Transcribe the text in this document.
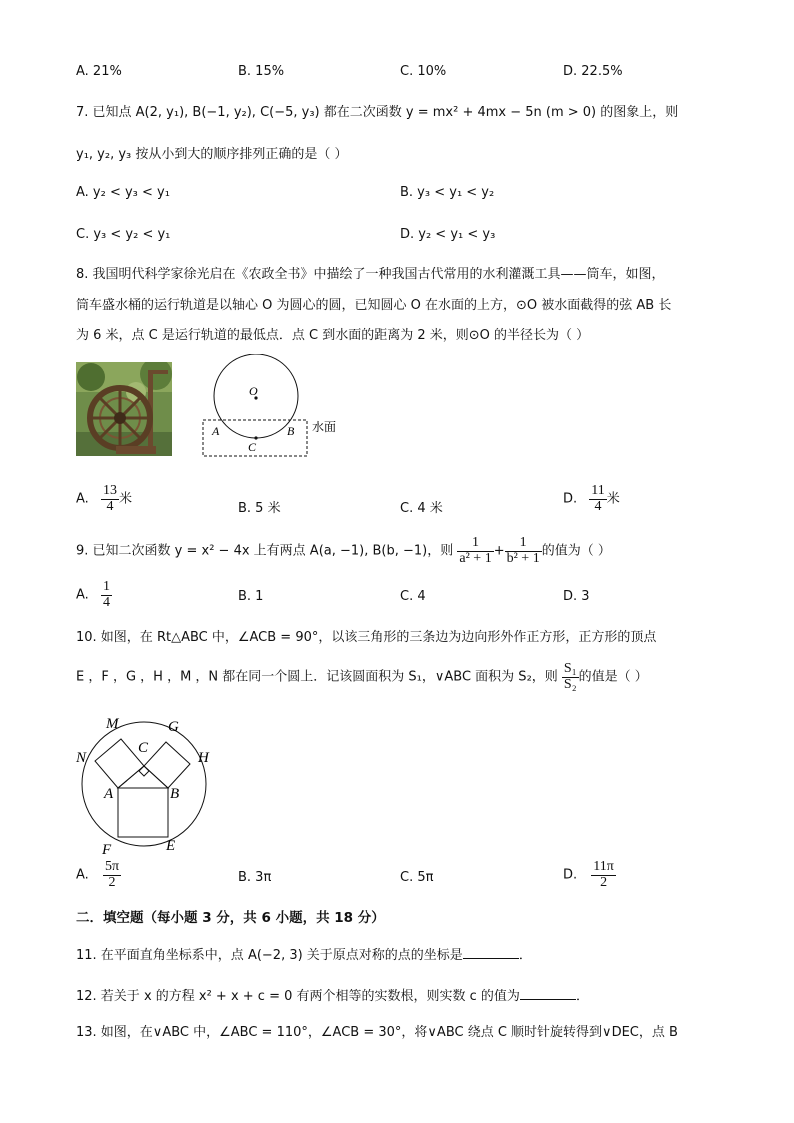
A. 21%	B. 15%	C. 10%	D. 22.5%
7. 已知点 A(2, y₁), B(−1, y₂), C(−5, y₃) 都在二次函数 y = mx² + 4mx − 5n (m > 0) 的图象上，则
y₁, y₂, y₃ 按从小到大的顺序排列正确的是（ ）
A. y₂ < y₃ < y₁	B. y₃ < y₁ < y₂
C. y₃ < y₂ < y₁	D. y₂ < y₁ < y₃
8. 我国明代科学家徐光启在《农政全书》中描绘了一种我国古代常用的水利灌溉工具——筒车，如图，
筒车盛水桶的运行轨道是以轴心 O 为圆心的圆，已知圆心 O 在水面的上方，⊙O 被水面截得的弦 AB 长
为 6 米，点 C 是运行轨道的最低点．点 C 到水面的距离为 2 米，则⊙O 的半径长为（ ）
O
A	B
C
水面
A. $\frac{13}{4}$ 米
B. 5 米	C. 4 米
D. $\frac{11}{4}$ 米
9. 已知二次函数 y = x² − 4x 上有两点 A(a, −1), B(b, −1)，则 $\frac{1}{\text{a² + 1}} + \frac{1}{\text{b² + 1}}$ 的值为（ ）
A. $\frac{1}{4}$	B. 1	C. 4	D. 3
10. 如图，在 Rt△ABC 中，∠ACB = 90°，以该三角形的三条边为边向形外作正方形，正方形的顶点
E ，F ，G ，H ，M ，N 都在同一个圆上．记该圆面积为 S₁，∨ABC 面积为 S₂，则 $\frac{\text{S₁}}{\text{S₂}}$ 的值是（ ）
M	G
C
N	H
A	B
F	E
A. $\frac{5\pi}{2}$	B. 3π	C. 5π	D. $\frac{11\pi}{2}$
二．填空题（每小题 3 分，共 6 小题，共 18 分）
11. 在平面直角坐标系中，点 A(−2, 3) 关于原点对称的点的坐标是	．
12. 若关于 x 的方程 x² + x + c = 0 有两个相等的实数根，则实数 c 的值为	．
13. 如图，在∨ABC 中，∠ABC = 110°，∠ACB = 30°，将∨ABC 绕点 C 顺时针旋转得到∨DEC，点 B
